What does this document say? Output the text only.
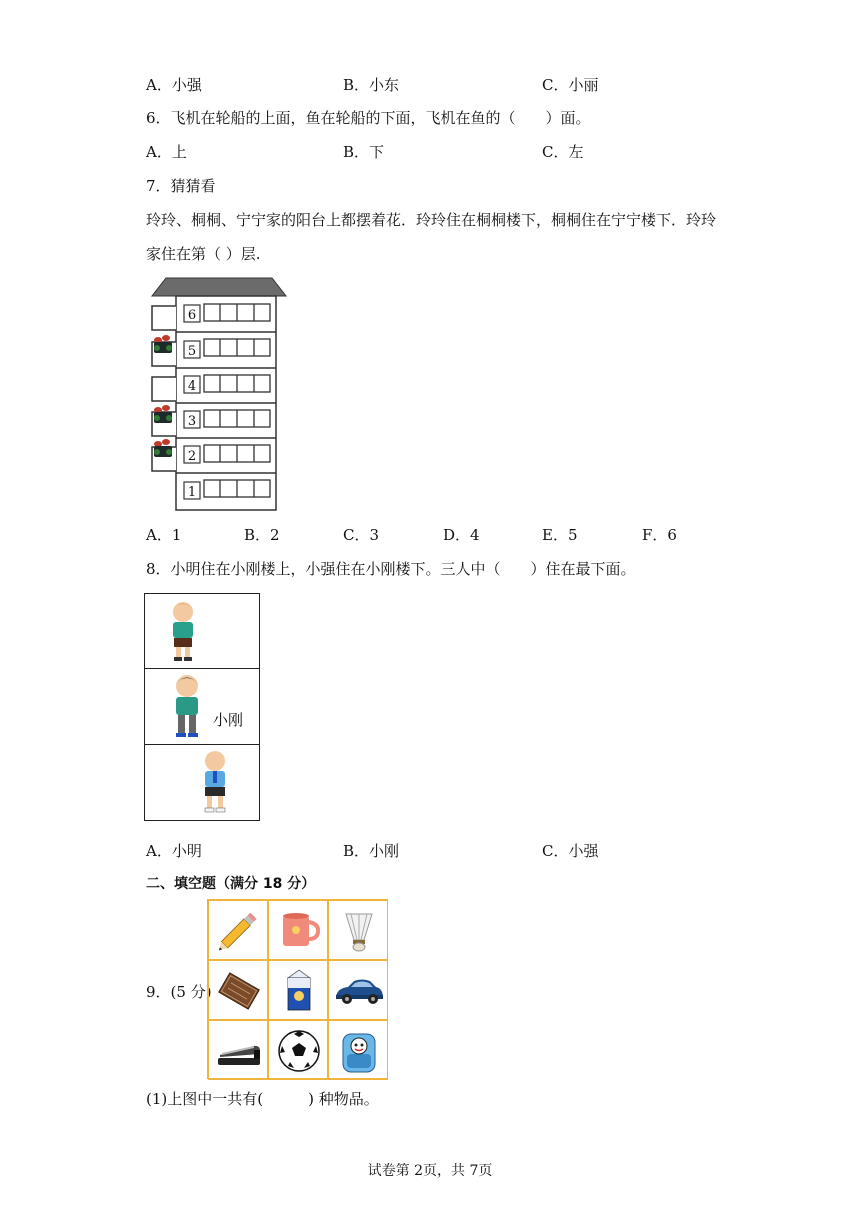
A．小强	B．小东	C．小丽
6．飞机在轮船的上面，鱼在轮船的下面，飞机在鱼的（　　）面。
A．上	B．下	C．左
7．猜猜看
玲玲、桐桐、宁宁家的阳台上都摆着花．玲玲住在桐桐楼下，桐桐住在宁宁楼下．玲玲
家住在第（ ）层.
6
5
4
3
2
1
A．1	B．2	C．3	D．4	E．5	F．6
8．小明住在小刚楼上，小强住在小刚楼下。三人中（　　）住在最下面。
小刚
A．小明	B．小刚	C．小强
二、填空题（满分 18 分）
9．(5 分)
(1)上图中一共有(　　　) 种物品。
试卷第 2页，共 7页
